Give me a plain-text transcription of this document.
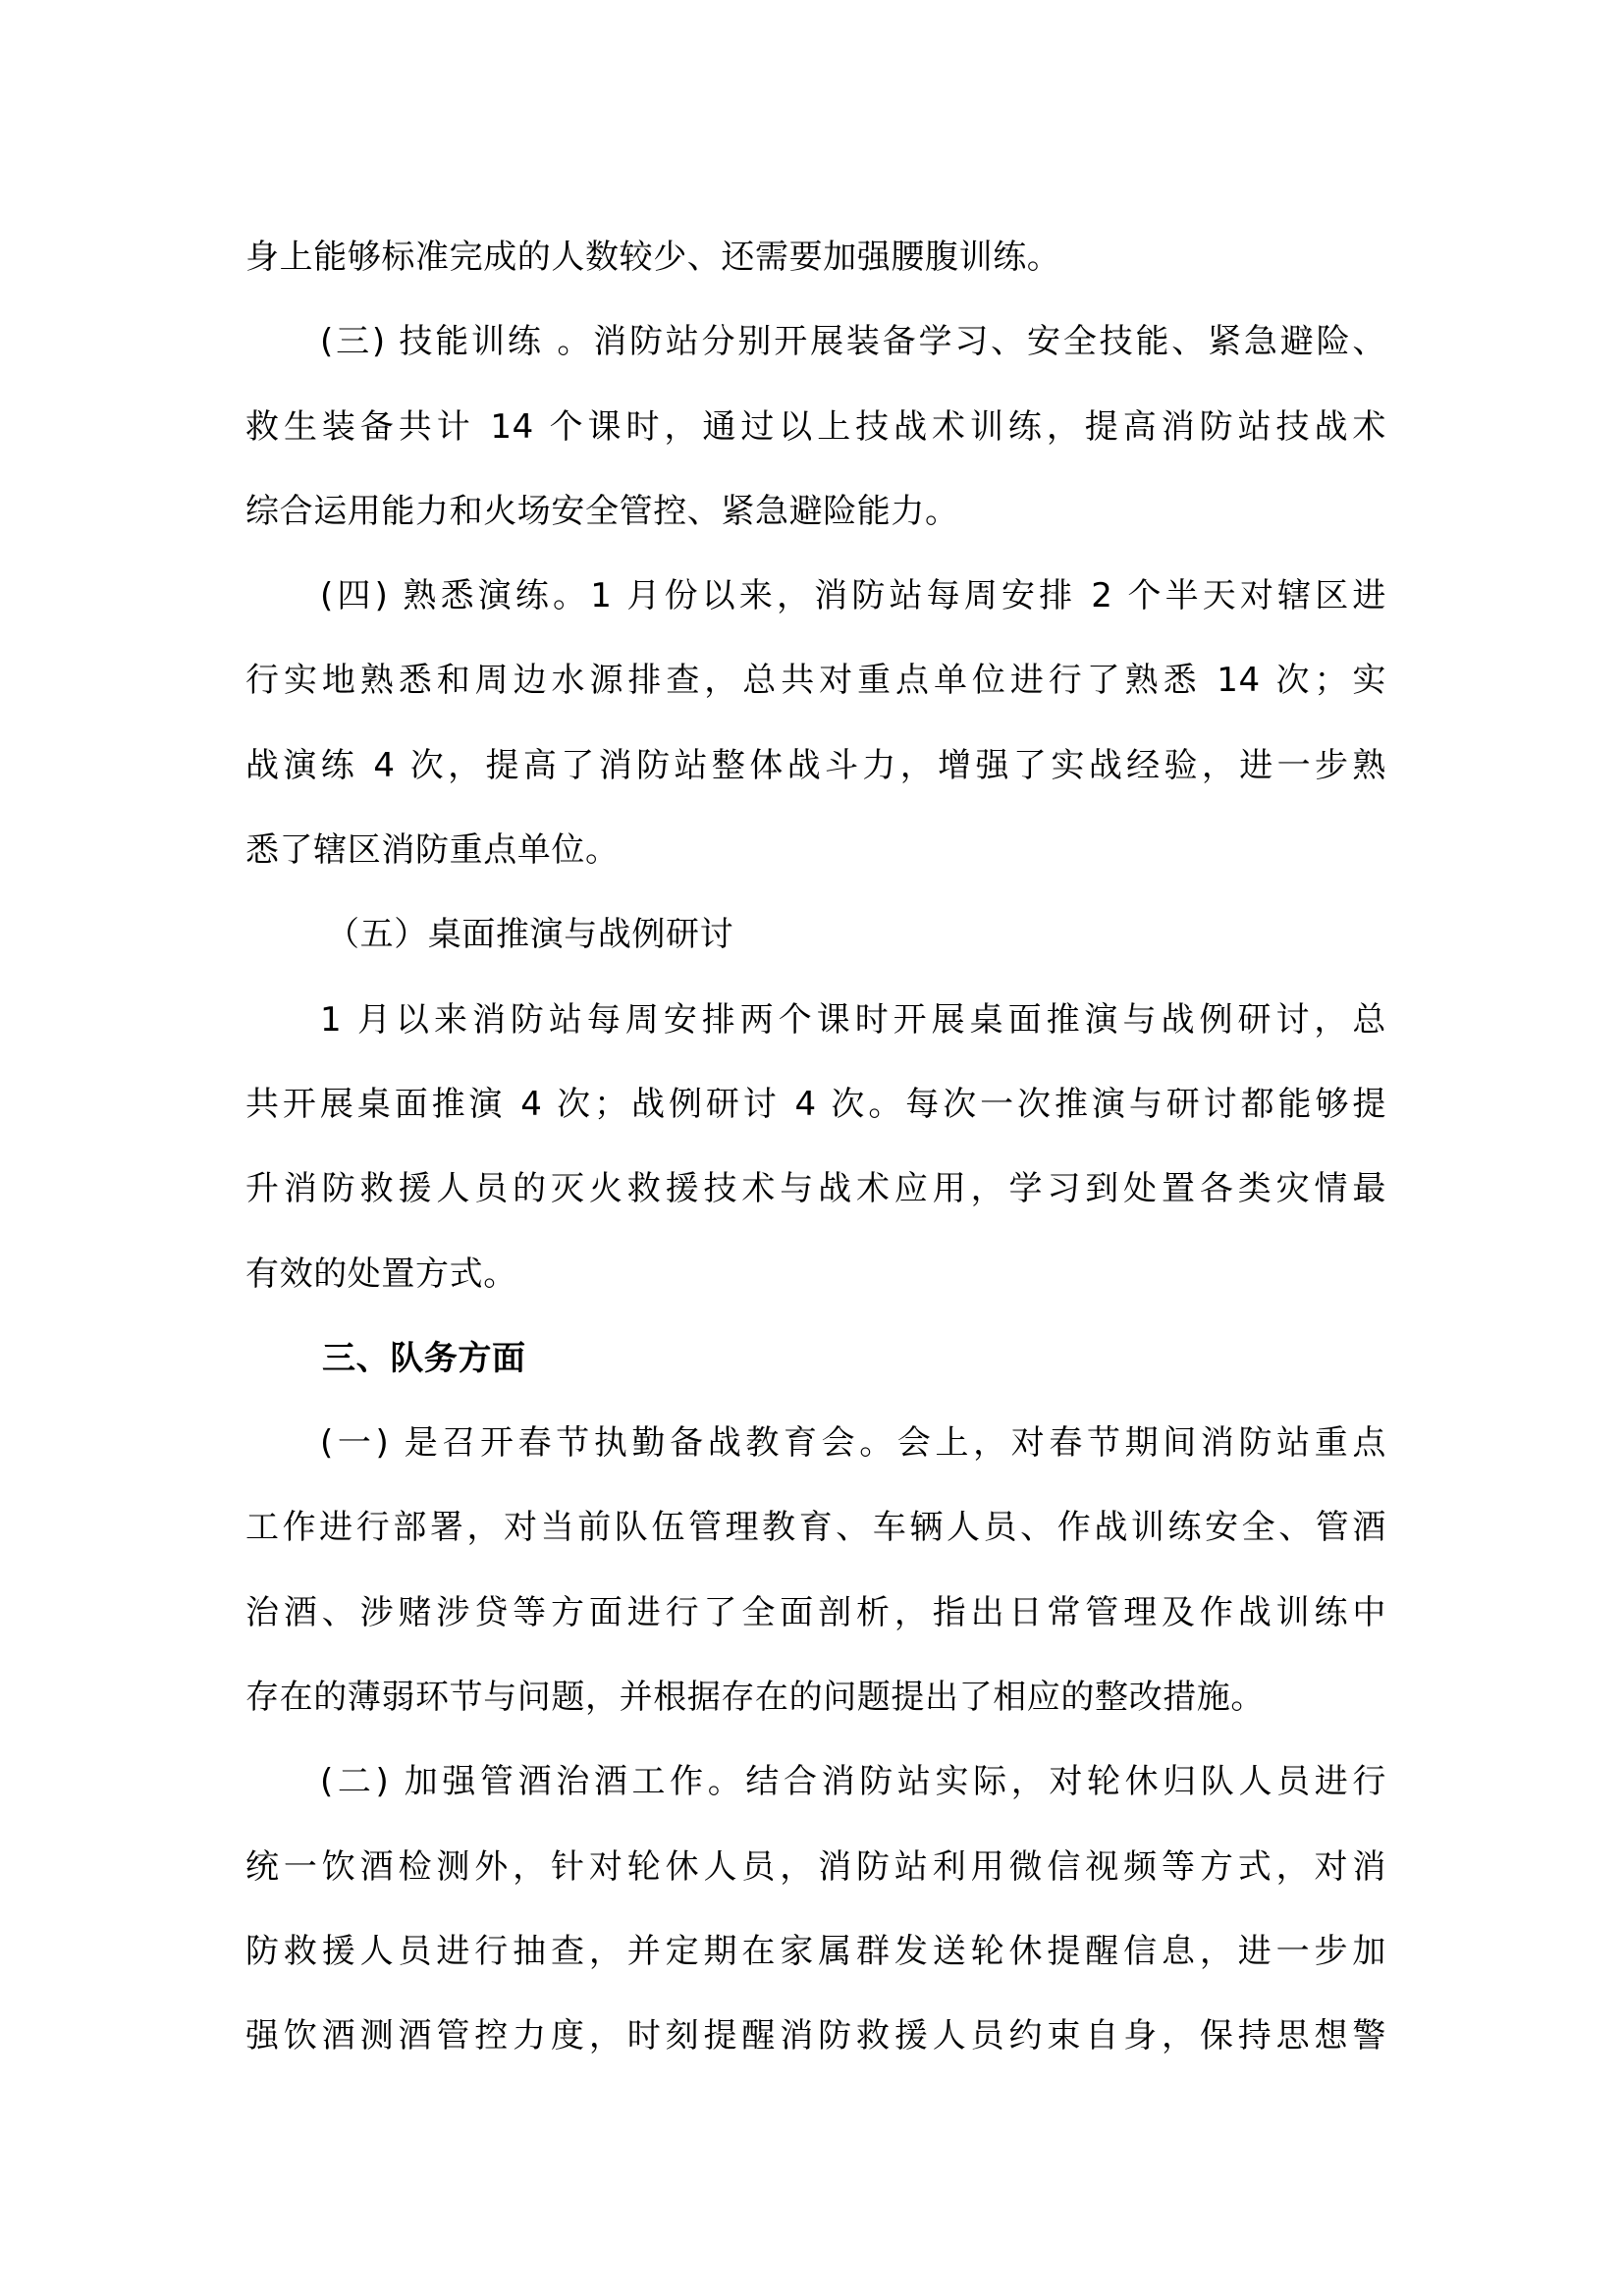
身上能够标准完成的人数较少、还需要加强腰腹训练。
(三) 技能训练 。消防站分别开展装备学习、安全技能、紧急避险、
救生装备共计 14 个课时，通过以上技战术训练，提高消防站技战术
综合运用能力和火场安全管控、紧急避险能力。
(四) 熟悉演练。1 月份以来，消防站每周安排 2 个半天对辖区进
行实地熟悉和周边水源排查，总共对重点单位进行了熟悉 14 次；实
战演练 4 次，提高了消防站整体战斗力，增强了实战经验，进一步熟
悉了辖区消防重点单位。
（五）桌面推演与战例研讨
1 月以来消防站每周安排两个课时开展桌面推演与战例研讨，总
共开展桌面推演 4 次；战例研讨 4 次。每次一次推演与研讨都能够提
升消防救援人员的灭火救援技术与战术应用，学习到处置各类灾情最
有效的处置方式。
三、队务方面
(一) 是召开春节执勤备战教育会。会上，对春节期间消防站重点
工作进行部署，对当前队伍管理教育、车辆人员、作战训练安全、管酒
治酒、涉赌涉贷等方面进行了全面剖析，指出日常管理及作战训练中
存在的薄弱环节与问题，并根据存在的问题提出了相应的整改措施。
(二) 加强管酒治酒工作。结合消防站实际，对轮休归队人员进行
统一饮酒检测外，针对轮休人员，消防站利用微信视频等方式，对消
防救援人员进行抽查，并定期在家属群发送轮休提醒信息，进一步加
强饮酒测酒管控力度，时刻提醒消防救援人员约束自身，保持思想警
